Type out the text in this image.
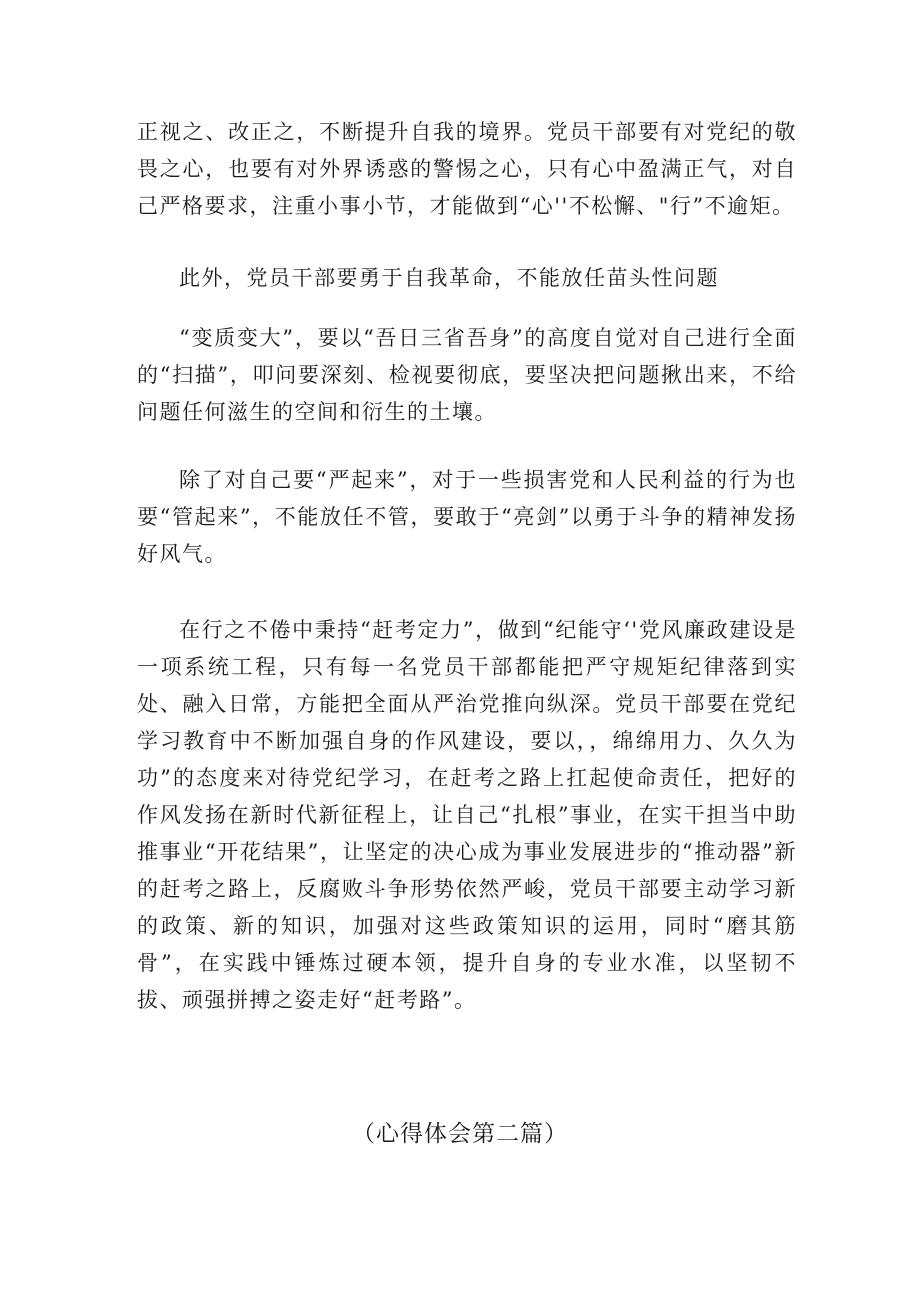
正视之、改正之，不断提升自我的境界。党员干部要有对党纪的敬畏之心，也要有对外界诱惑的警惕之心，只有心中盈满正气，对自己严格要求，注重小事小节，才能做到“心''不松懈、"行”不逾矩。

此外，党员干部要勇于自我革命，不能放任苗头性问题

“变质变大”，要以“吾日三省吾身”的高度自觉对自己进行全面的“扫描”，叩问要深刻、检视要彻底，要坚决把问题揪出来，不给问题任何滋生的空间和衍生的土壤。

除了对自己要“严起来”，对于一些损害党和人民利益的行为也要“管起来”，不能放任不管，要敢于“亮剑”以勇于斗争的精神发扬好风气。

在行之不倦中秉持“赶考定力”，做到“纪能守‘'党风廉政建设是一项系统工程，只有每一名党员干部都能把严守规矩纪律落到实处、融入日常，方能把全面从严治党推向纵深。党员干部要在党纪学习教育中不断加强自身的作风建设，要以，，绵绵用力、久久为功”的态度来对待党纪学习，在赶考之路上扛起使命责任，把好的作风发扬在新时代新征程上，让自己“扎根”事业，在实干担当中助推事业“开花结果”，让坚定的决心成为事业发展进步的“推动器”新的赶考之路上，反腐败斗争形势依然严峻，党员干部要主动学习新的政策、新的知识，加强对这些政策知识的运用，同时“磨其筋骨”，在实践中锤炼过硬本领，提升自身的专业水准，以坚韧不拔、顽强拼搏之姿走好“赶考路”。

（心得体会第二篇）
